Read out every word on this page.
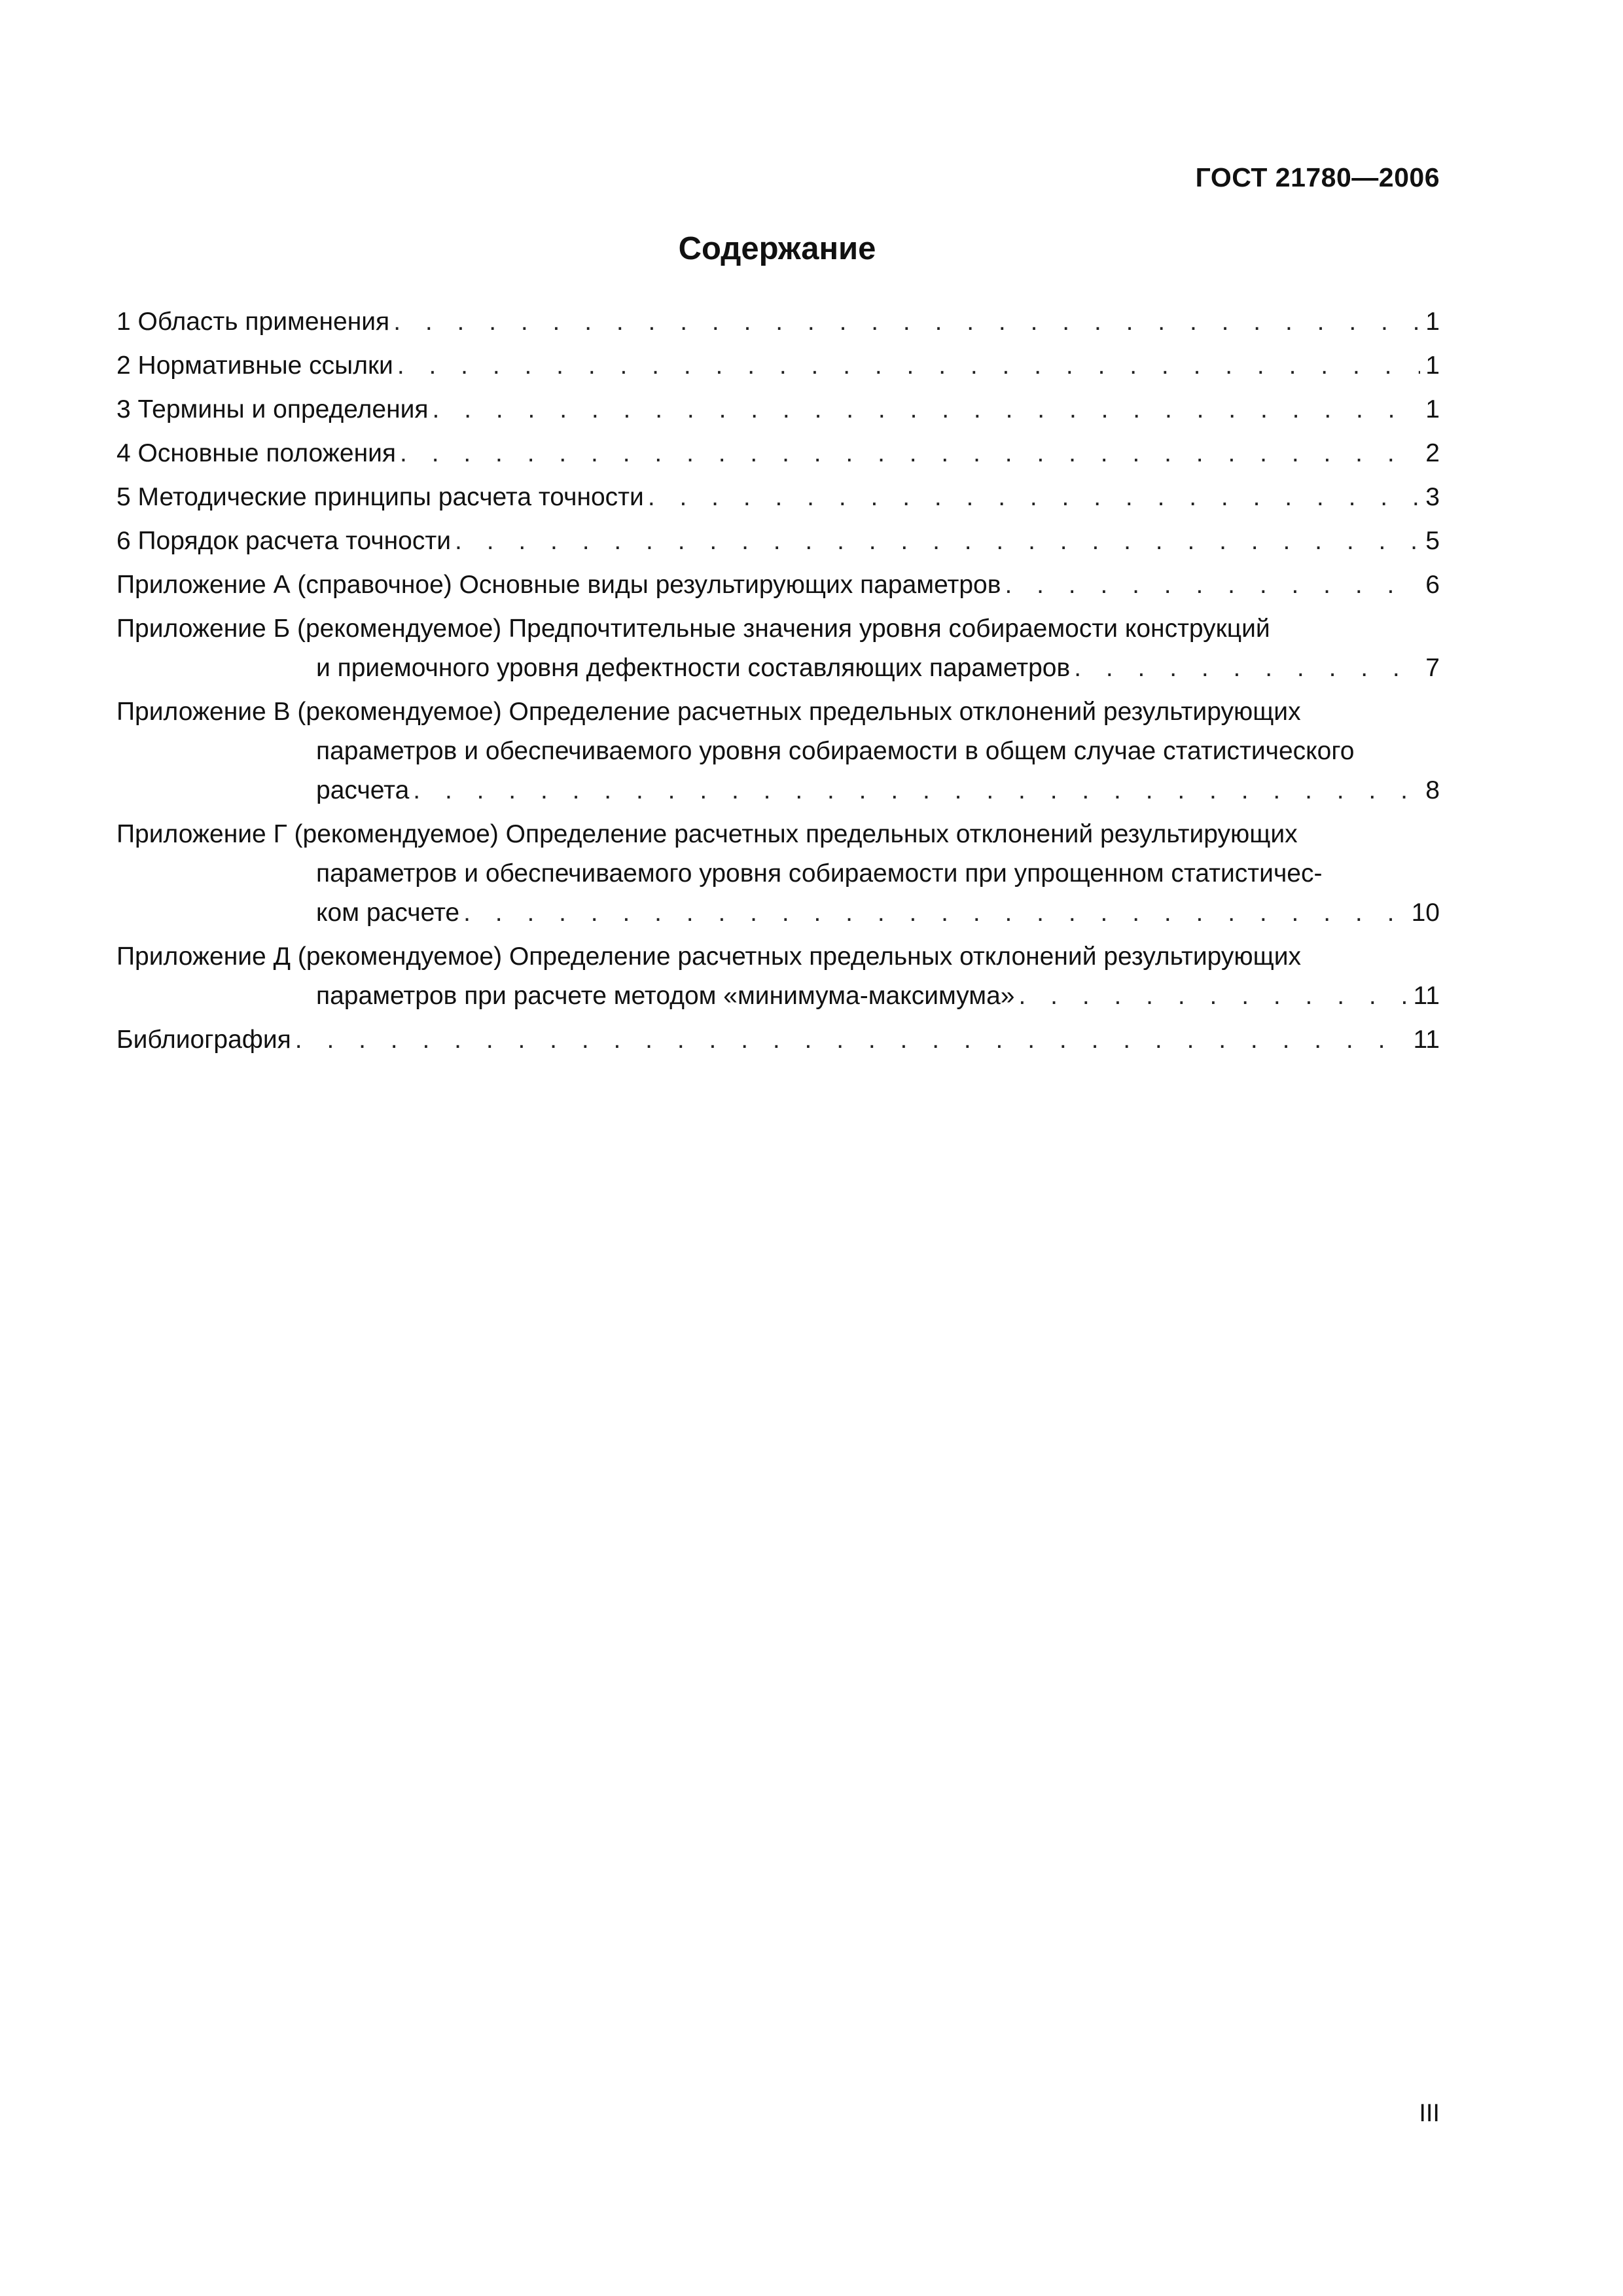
ГОСТ 21780—2006
Содержание
1 Область применения . . .	1
2 Нормативные ссылки . . .	1
3 Термины и определения . . .	1
4 Основные положения . . .	2
5 Методические принципы расчета точности . . .	3
6 Порядок расчета точности . . .	5
Приложение А (справочное) Основные виды результирующих параметров . . .	6
Приложение Б (рекомендуемое) Предпочтительные значения уровня собираемости конструкций
и приемочного уровня дефектности составляющих параметров . . .	7
Приложение В (рекомендуемое) Определение расчетных предельных отклонений результирующих
параметров и обеспечиваемого уровня собираемости в общем случае статистического
расчета . . .	8
Приложение Г (рекомендуемое) Определение расчетных предельных отклонений результирующих
параметров и обеспечиваемого уровня собираемости при упрощенном статистичес-
ком расчете . . .	10
Приложение Д (рекомендуемое) Определение расчетных предельных отклонений результирующих
параметров при расчете методом «минимума-максимума» . . .	11
Библиография . . .	11
III
